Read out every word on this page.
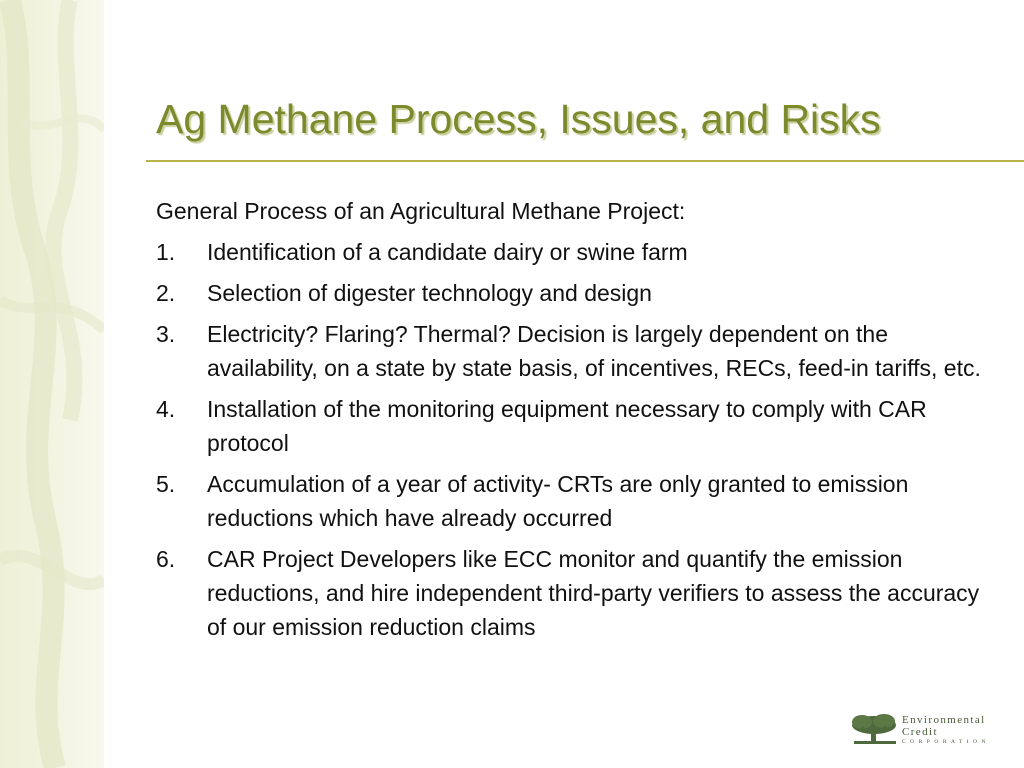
Ag Methane Process, Issues, and Risks

General Process of an Agricultural Methane Project:

1.	Identification of a candidate dairy or swine farm
2.	Selection of digester technology and design
3.	Electricity? Flaring? Thermal? Decision is largely dependent on the availability, on a state by state basis, of incentives, RECs, feed-in tariffs, etc.
4.	Installation of the monitoring equipment necessary to comply with CAR protocol
5.	Accumulation of a year of activity- CRTs are only granted to emission reductions which have already occurred
6.	CAR Project Developers like ECC monitor and quantify the emission reductions, and hire independent third-party verifiers to assess the accuracy of our emission reduction claims
Environmental
Credit
CORPORATION
